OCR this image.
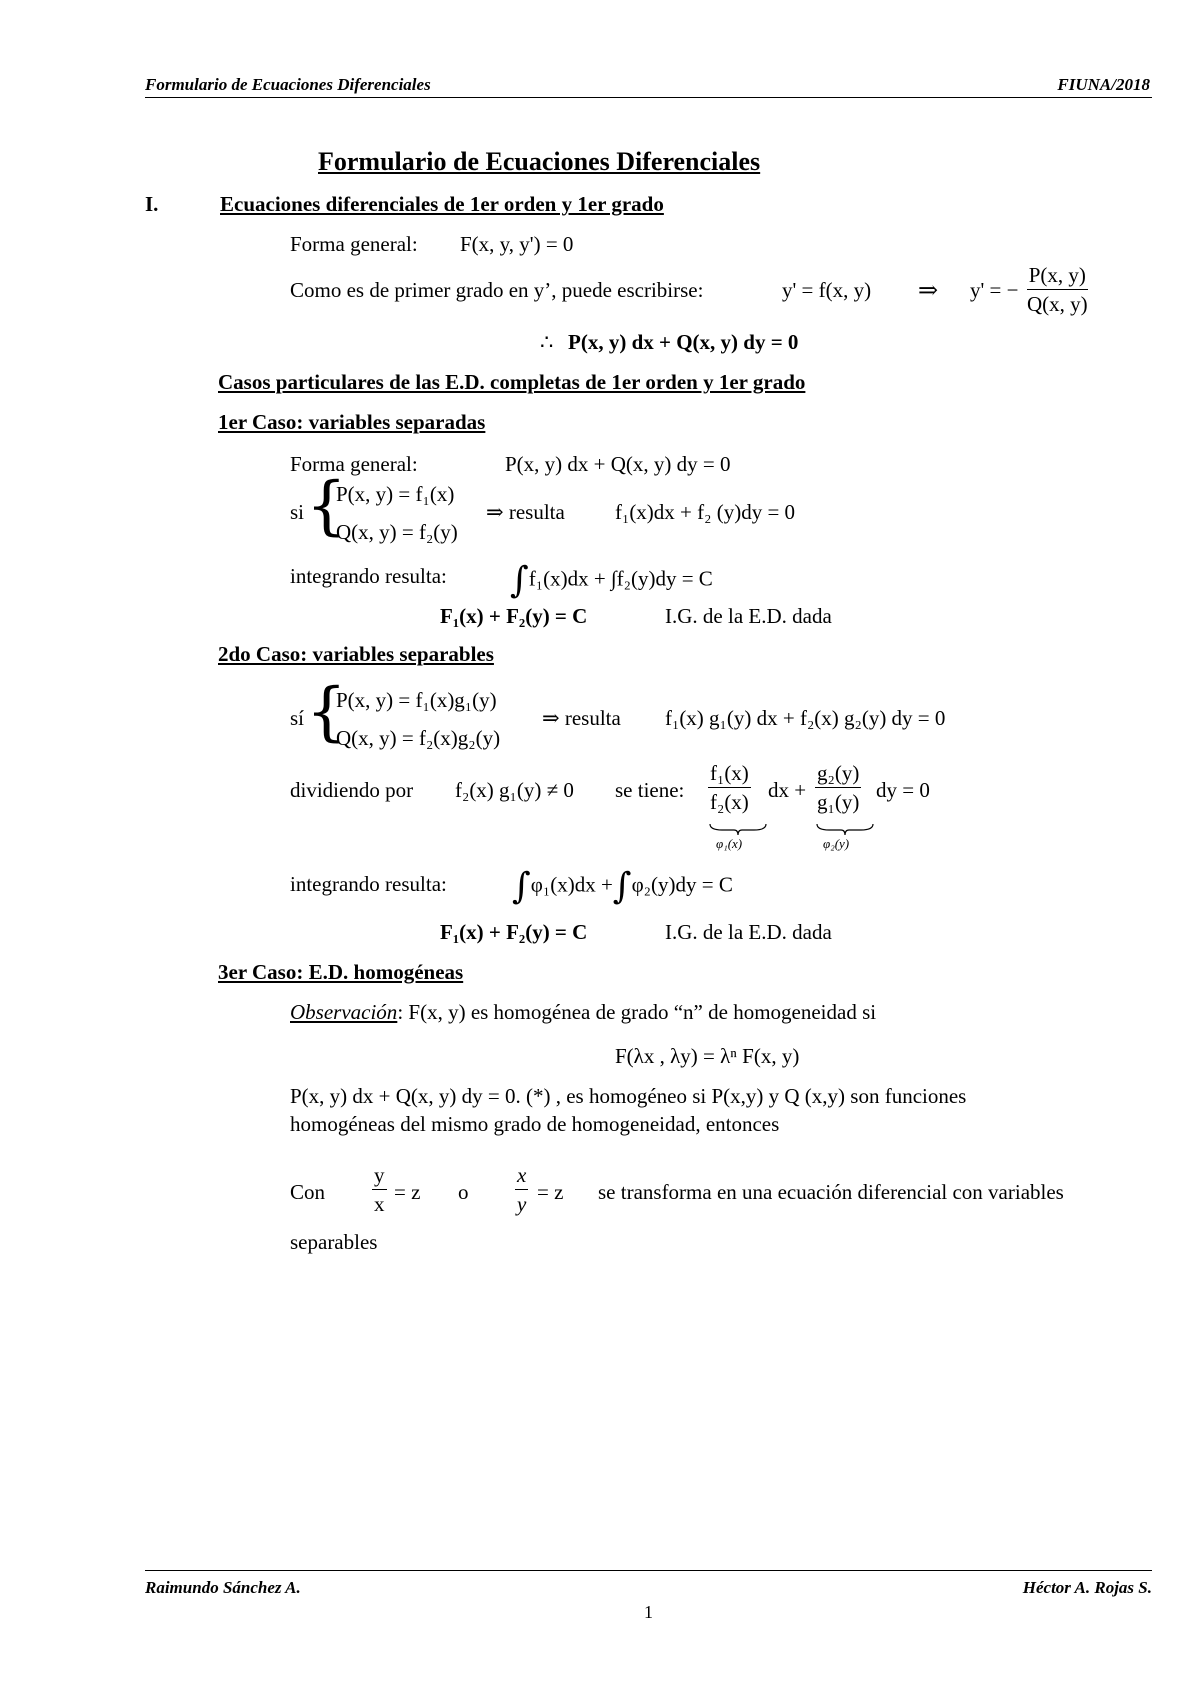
Formulario de Ecuaciones Diferenciales	FIUNA/2018
Formulario de Ecuaciones Diferenciales
I.	Ecuaciones diferenciales de 1er orden y 1er grado
Forma general: F(x, y, y') = 0
Como es de primer grado en y’, puede escribirse:	y' = f(x, y) ⇒ y' = − $\frac{P(x, y)}{Q(x, y)}$
∴ P(x, y) dx + Q(x, y) dy = 0
Casos particulares de las E.D. completas de 1er orden y 1er grado
1er Caso: variables separadas
Forma general:	P(x, y) dx + Q(x, y) dy = 0
si {
P(x, y) = f₁(x)
Q(x, y) = f₂(y)
⇒ resulta f₁(x)dx + f₂ (y)dy = 0
integrando resulta: ∫f₁(x)dx + ∫f₂(y)dy = C
F₁(x) + F₂(y) = C	I.G. de la E.D. dada
2do Caso: variables separables
sí {
P(x, y) = f₁(x)g₁(y)
Q(x, y) = f₂(x)g₂(y)
⇒ resulta f₁(x) g₁(y) dx + f₂(x) g₂(y) dy = 0
dividiendo por f₂(x) g₁(y) ≠ 0 se tiene: $\frac{\text{f₁(x)}}{\text{f₂(x)}}$ dx + $\frac{\text{g₂(y)}}{\text{g₁(y)}}$ dy = 0
φ₁(x)	φ₂(y)
integrando resulta: ∫φ₁(x)dx +∫φ₂(y)dy = C
F₁(x) + F₂(y) = C	I.G. de la E.D. dada
3er Caso: E.D. homogéneas
Observación: F(x, y) es homogénea de grado “n” de homogeneidad si
F(λx , λy) = λⁿ F(x, y)
P(x, y) dx + Q(x, y) dy = 0. (*) , es homogéneo si P(x,y) y Q (x,y) son funciones
homogéneas del mismo grado de homogeneidad, entonces
Con $\frac{y}{x} = z$ o $\frac{x}{y} = z$ se transforma en una ecuación diferencial con variables
separables
Raimundo Sánchez A.	Héctor A. Rojas S.
1
